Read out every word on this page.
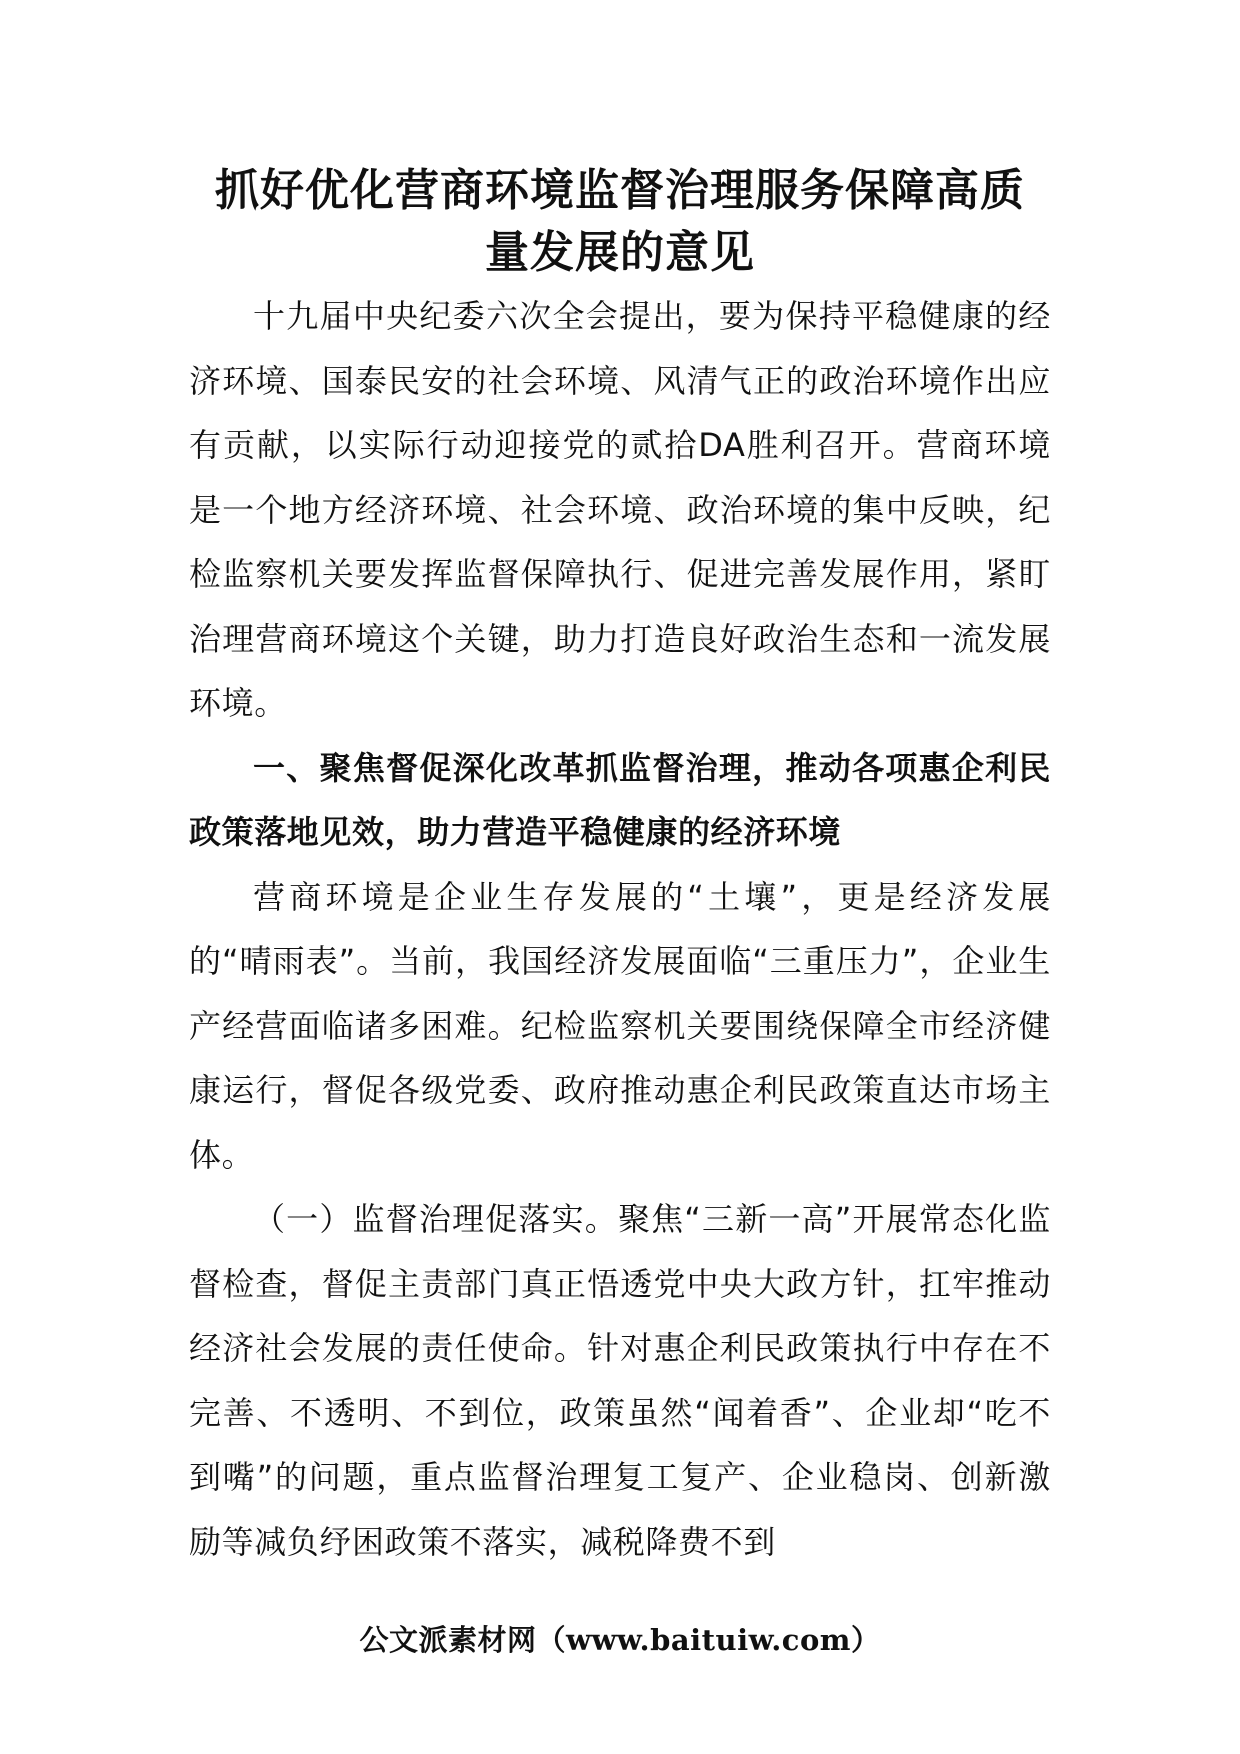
抓好优化营商环境监督治理服务保障高质
量发展的意见

十九届中央纪委六次全会提出，要为保持平稳健康的经济环境、国泰民安的社会环境、风清气正的政治环境作出应有贡献，以实际行动迎接党的贰拾DA胜利召开。营商环境是一个地方经济环境、社会环境、政治环境的集中反映，纪检监察机关要发挥监督保障执行、促进完善发展作用，紧盯治理营商环境这个关键，助力打造良好政治生态和一流发展环境。

一、聚焦督促深化改革抓监督治理，推动各项惠企利民政策落地见效，助力营造平稳健康的经济环境

营商环境是企业生存发展的“土壤”，更是经济发展的“晴雨表”。当前，我国经济发展面临“三重压力”，企业生产经营面临诸多困难。纪检监察机关要围绕保障全市经济健康运行，督促各级党委、政府推动惠企利民政策直达市场主体。

（一）监督治理促落实。聚焦“三新一高”开展常态化监督检查，督促主责部门真正悟透党中央大政方针，扛牢推动经济社会发展的责任使命。针对惠企利民政策执行中存在不完善、不透明、不到位，政策虽然“闻着香”、企业却“吃不到嘴”的问题，重点监督治理复工复产、企业稳岗、创新激励等减负纾困政策不落实，减税降费不到

公文派素材网（www.baituiw.com）
